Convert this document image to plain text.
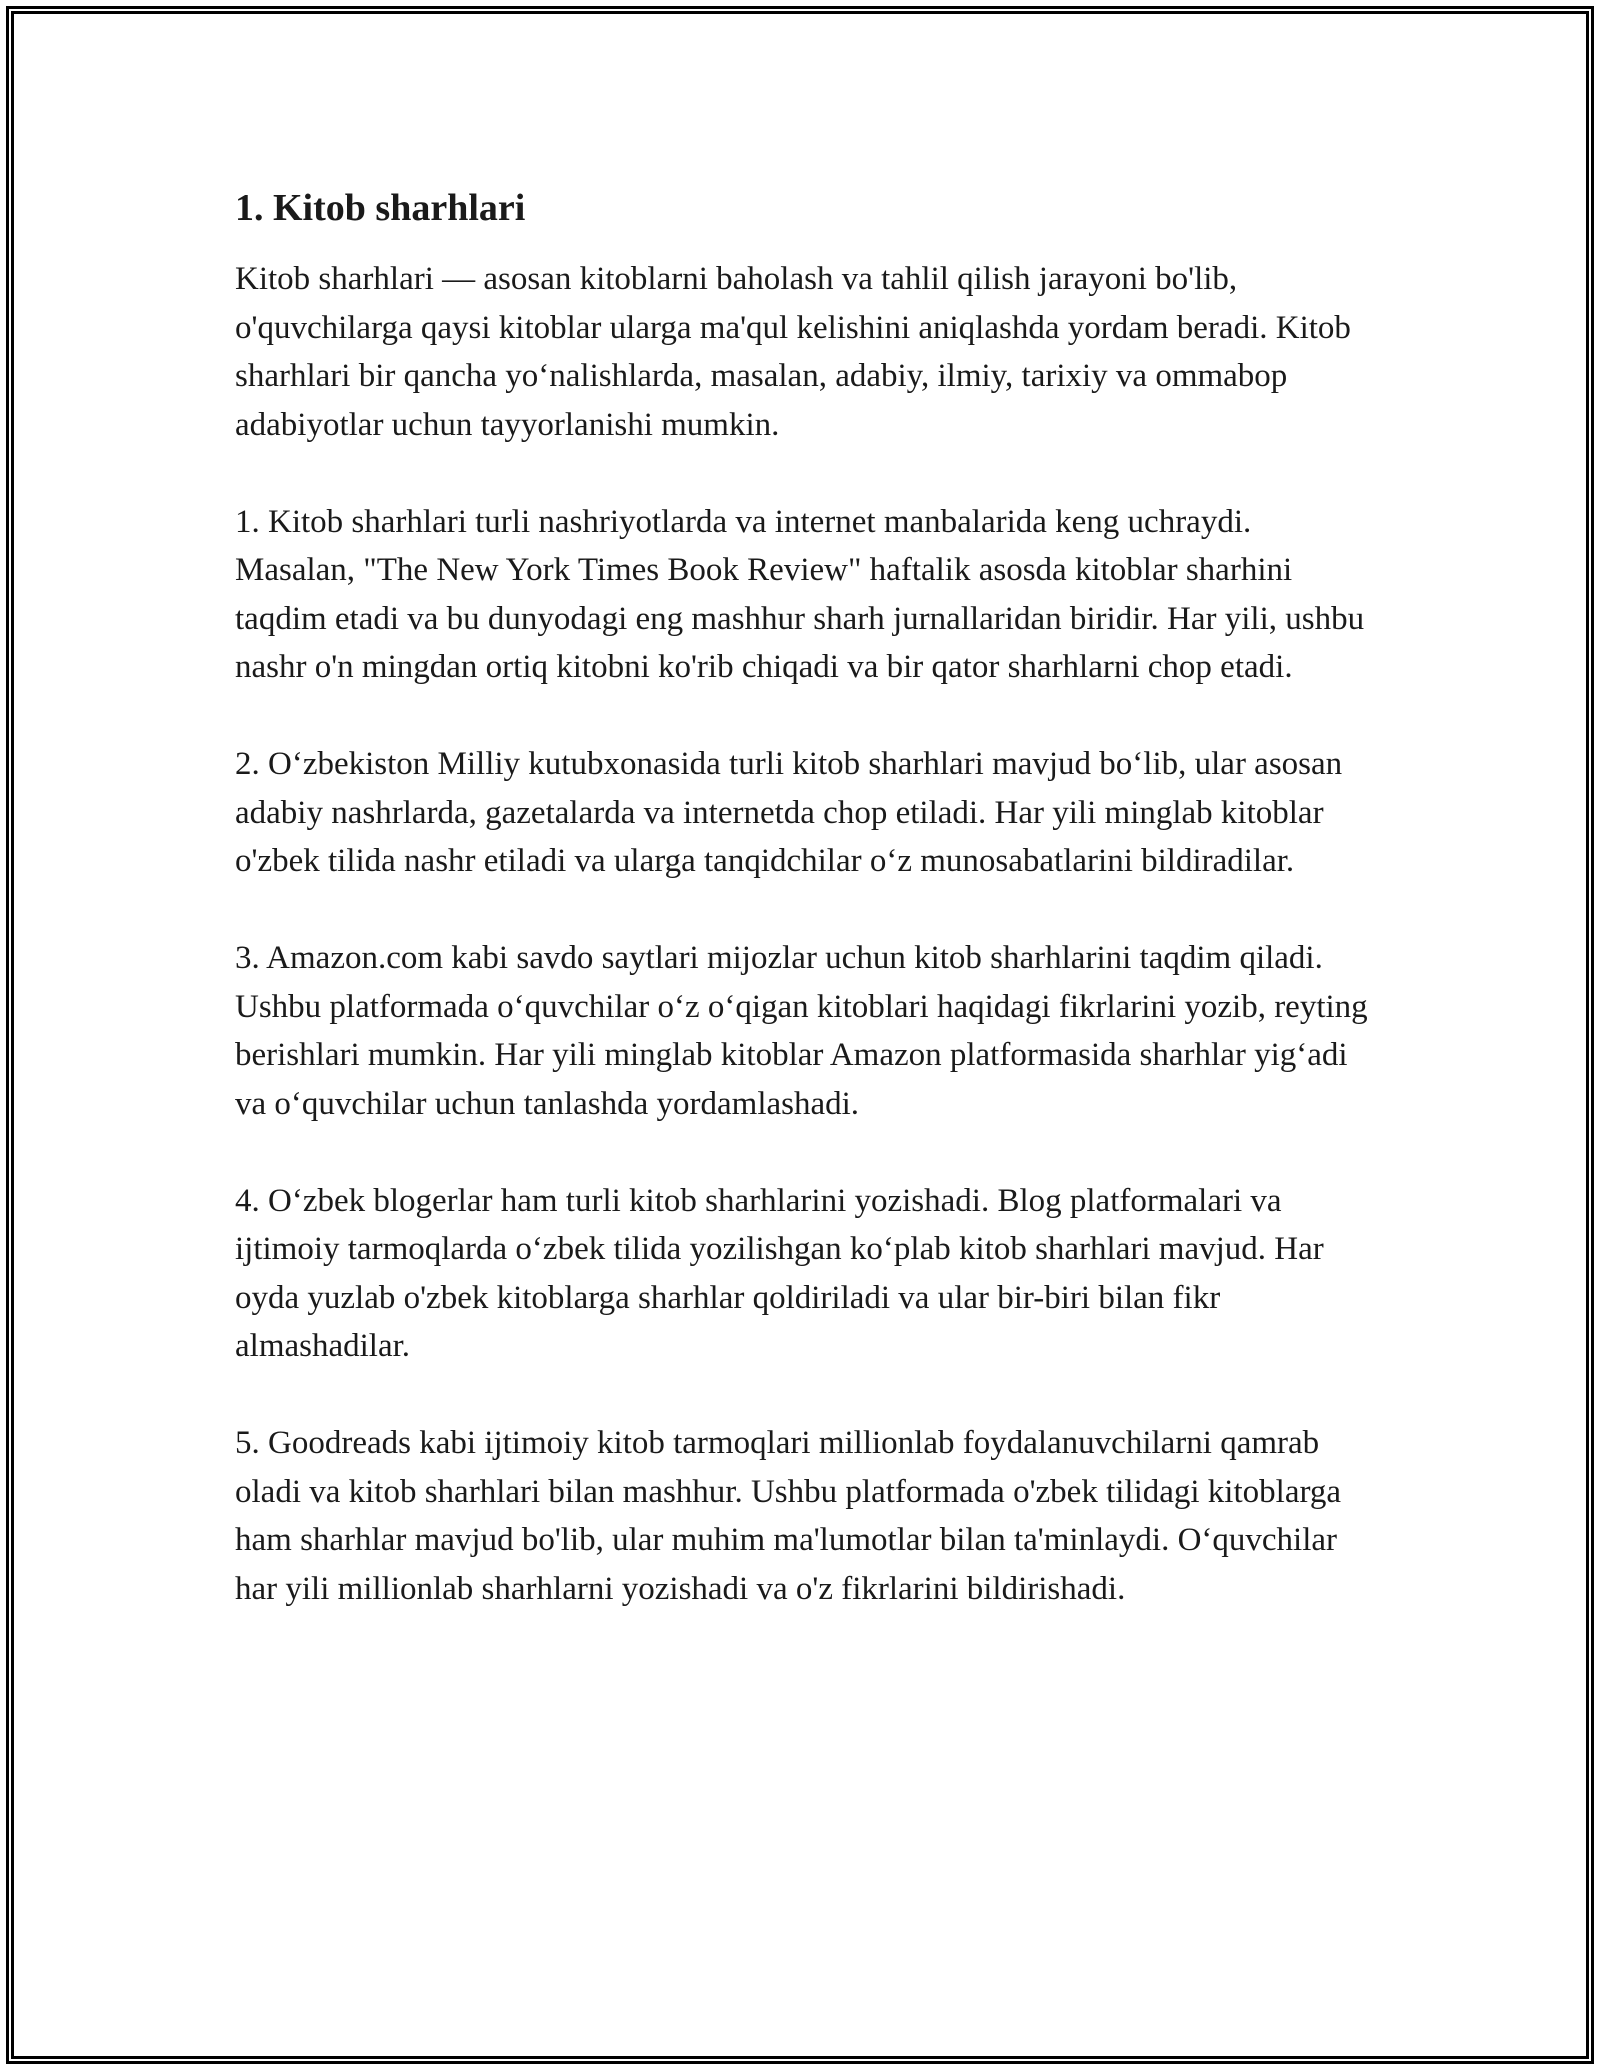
1. Kitob sharhlari

Kitob sharhlari — asosan kitoblarni baholash va tahlil qilish jarayoni bo'lib, o'quvchilarga qaysi kitoblar ularga ma'qul kelishini aniqlashda yordam beradi. Kitob sharhlari bir qancha yo‘nalishlarda, masalan, adabiy, ilmiy, tarixiy va ommabop adabiyotlar uchun tayyorlanishi mumkin.

1. Kitob sharhlari turli nashriyotlarda va internet manbalarida keng uchraydi. Masalan, "The New York Times Book Review" haftalik asosda kitoblar sharhini taqdim etadi va bu dunyodagi eng mashhur sharh jurnallaridan biridir. Har yili, ushbu nashr o'n mingdan ortiq kitobni ko'rib chiqadi va bir qator sharhlarni chop etadi.

2. O‘zbekiston Milliy kutubxonasida turli kitob sharhlari mavjud bo‘lib, ular asosan adabiy nashrlarda, gazetalarda va internetda chop etiladi. Har yili minglab kitoblar o'zbek tilida nashr etiladi va ularga tanqidchilar o‘z munosabatlarini bildiradilar.

3. Amazon.com kabi savdo saytlari mijozlar uchun kitob sharhlarini taqdim qiladi. Ushbu platformada o‘quvchilar o‘z o‘qigan kitoblari haqidagi fikrlarini yozib, reyting berishlari mumkin. Har yili minglab kitoblar Amazon platformasida sharhlar yig‘adi va o‘quvchilar uchun tanlashda yordamlashadi.

4. O‘zbek blogerlar ham turli kitob sharhlarini yozishadi. Blog platformalari va ijtimoiy tarmoqlarda o‘zbek tilida yozilishgan ko‘plab kitob sharhlari mavjud. Har oyda yuzlab o'zbek kitoblarga sharhlar qoldiriladi va ular bir-biri bilan fikr almashadilar.

5. Goodreads kabi ijtimoiy kitob tarmoqlari millionlab foydalanuvchilarni qamrab oladi va kitob sharhlari bilan mashhur. Ushbu platformada o'zbek tilidagi kitoblarga ham sharhlar mavjud bo'lib, ular muhim ma'lumotlar bilan ta'minlaydi. O‘quvchilar har yili millionlab sharhlarni yozishadi va o'z fikrlarini bildirishadi.
